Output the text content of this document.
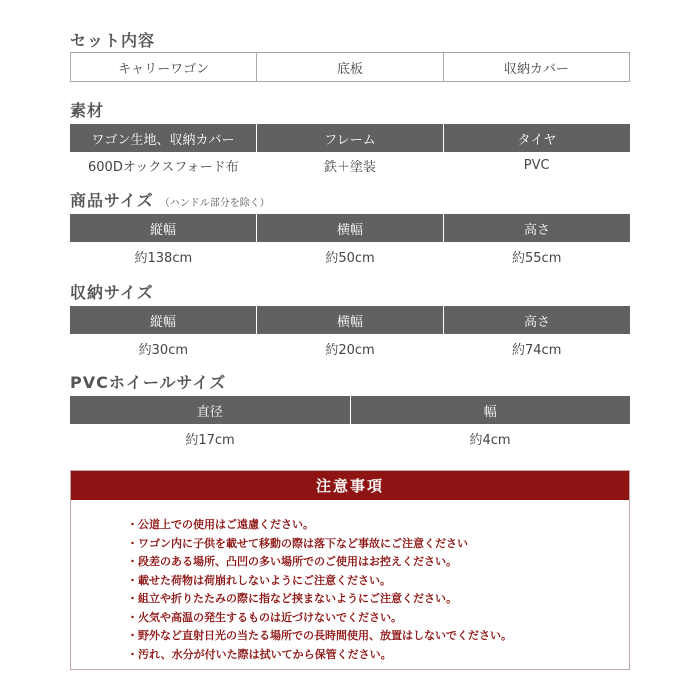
セット内容
キャリーワゴン	底板	収納カバー
素材
ワゴン生地、収納カバー	フレーム	タイヤ
600Dオックスフォード布	鉄＋塗装	PVC
商品サイズ （ハンドル部分を除く）
縦幅	横幅	高さ
約138cm	約50cm	約55cm
収納サイズ
縦幅	横幅	高さ
約30cm	約20cm	約74cm
PVCホイールサイズ
直径	幅
約17cm	約4cm
注意事項
・公道上での使用はご遠慮ください。
・ワゴン内に子供を載せて移動の際は落下など事故にご注意ください
・段差のある場所、凸凹の多い場所でのご使用はお控えください。
・載せた荷物は荷崩れしないようにご注意ください。
・組立や折りたたみの際に指など挟まないようにご注意ください。
・火気や高温の発生するものは近づけないでください。
・野外など直射日光の当たる場所での長時間使用、放置はしないでください。
・汚れ、水分が付いた際は拭いてから保管ください。
